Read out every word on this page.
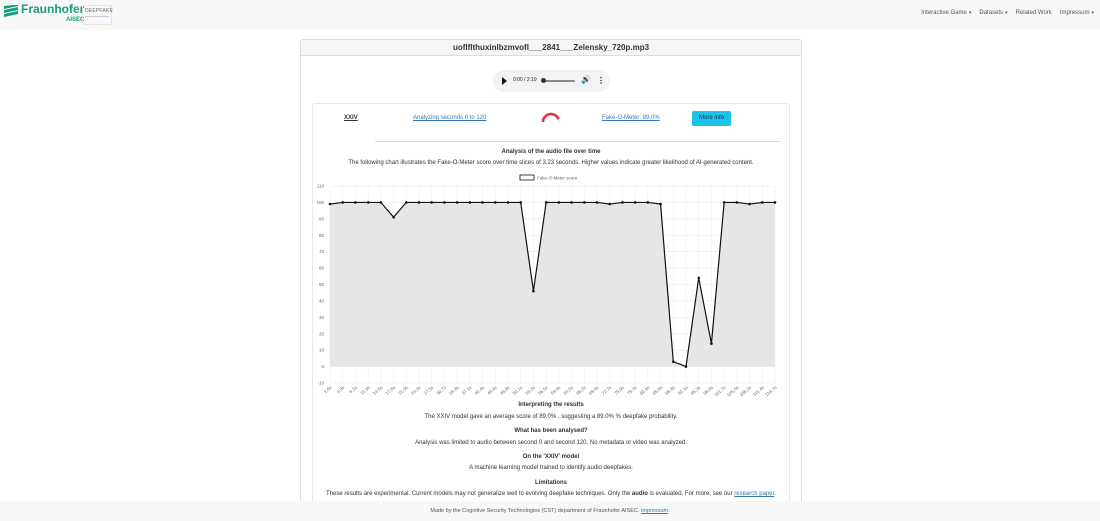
Fraunhofer
AISEC
DEEPFAKE	Interactive Game ▾ Datasets ▾ Related Work Impressum ▾
uoflflthuxinlbzmvofl___2841___Zelensky_720p.mp3
0:00 / 2:19	🔊 ⋮
XXIV	Analyzing seconds 0 to 120	Fake-O-Meter: 89.0%	More info
Analysis of the audio file over time
The following chart illustrates the Fake-O-Meter score over time slices of 3.23 seconds. Higher values indicate greater likelihood of AI-generated content.
-10
0
10
20
30
40
50
60
70
80
90
100
110
1.6s 4.8s 8.1s 11.3s 14.5s 17.8s 21.0s 24.2s 27.5s 30.7s 33.9s 37.1s 40.4s 43.6s 46.8s 50.1s 53.3s 56.5s 59.8s 63.0s 66.2s 69.4s 72.7s 75.9s 79.1s 82.4s 85.6s 88.8s 92.1s 95.3s 98.5s 101.7s 105.0s 108.2s 111.4s 114.7s
Fake-O-Meter score
Interpreting the results
The XXIV model gave an average score of 89.0% , suggesting a 89.0% % deepfake probability.
What has been analysed?
Analysis was limited to audio between second 0 and second 120. No metadata or video was analyzed.
On the 'XXIV' model
A machine learning model trained to identify audio deepfakes.
Limitations
These results are experimental. Current models may not generalize well to evolving deepfake techniques. Only the audio is evaluated. For more, see our research paper.
Made by the Cognitive Security Technologies (CST) department of Fraunhofer AISEC. Impressum.
